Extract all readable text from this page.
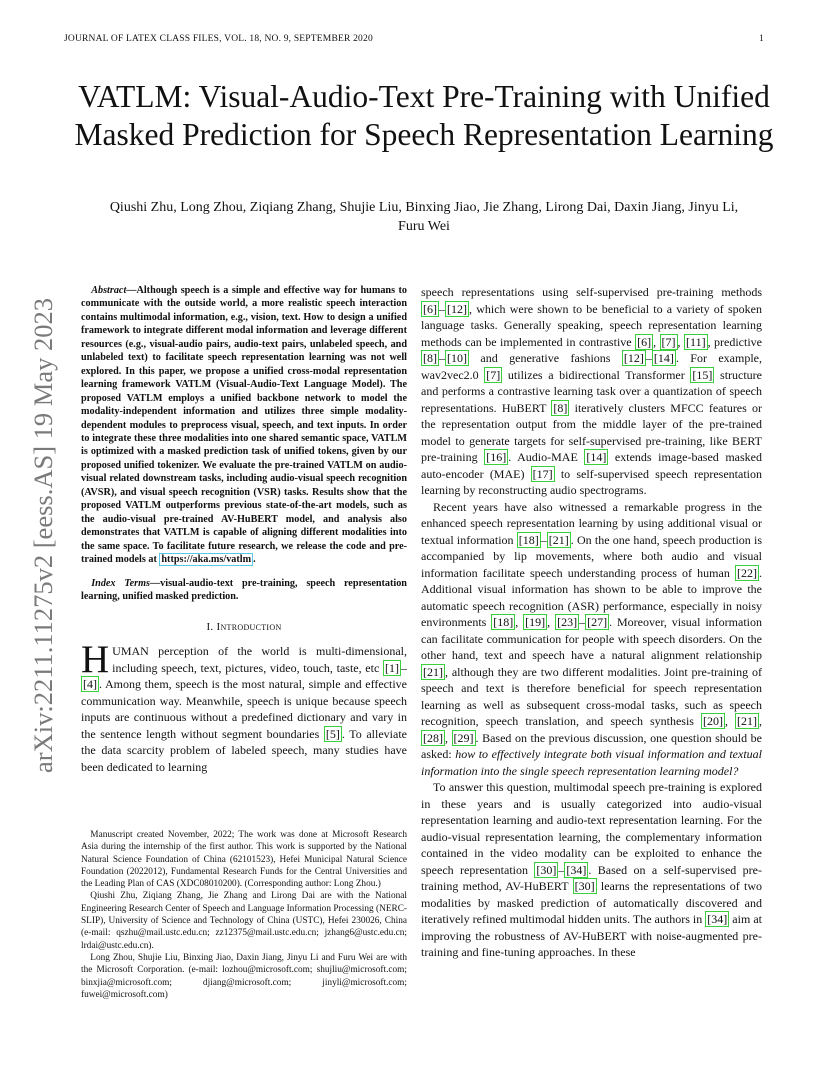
JOURNAL OF LATEX CLASS FILES, VOL. 18, NO. 9, SEPTEMBER 2020	1
arXiv:2211.11275v2 [eess.AS] 19 May 2023
VATLM: Visual-Audio-Text Pre-Training with Unified Masked Prediction for Speech Representation Learning
Qiushi Zhu, Long Zhou, Ziqiang Zhang, Shujie Liu, Binxing Jiao, Jie Zhang, Lirong Dai, Daxin Jiang, Jinyu Li, Furu Wei

Abstract—Although speech is a simple and effective way for humans to communicate with the outside world, a more realistic speech interaction contains multimodal information, e.g., vision, text. How to design a unified framework to integrate different modal information and leverage different resources (e.g., visual-audio pairs, audio-text pairs, unlabeled speech, and unlabeled text) to facilitate speech representation learning was not well explored. In this paper, we propose a unified cross-modal representation learning framework VATLM (Visual-Audio-Text Language Model). The proposed VATLM employs a unified backbone network to model the modality-independent information and utilizes three simple modality-dependent modules to preprocess visual, speech, and text inputs. In order to integrate these three modalities into one shared semantic space, VATLM is optimized with a masked prediction task of unified tokens, given by our proposed unified tokenizer. We evaluate the pre-trained VATLM on audio-visual related downstream tasks, including audio-visual speech recognition (AVSR), and visual speech recognition (VSR) tasks. Results show that the proposed VATLM outperforms previous state-of-the-art models, such as the audio-visual pre-trained AV-HuBERT model, and analysis also demonstrates that VATLM is capable of aligning different modalities into the same space. To facilitate future research, we release the code and pre-trained models at https://aka.ms/vatlm .

Index Terms—visual-audio-text pre-training, speech representation learning, unified masked prediction.

I. Introduction

HUMAN perception of the world is multi-dimensional, including speech, text, pictures, video, touch, taste, etc [1] –[4] . Among them, speech is the most natural, simple and effective communication way. Meanwhile, speech is unique because speech inputs are continuous without a predefined dictionary and vary in the sentence length without segment boundaries [5] . To alleviate the data scarcity problem of labeled speech, many studies have been dedicated to learning

Manuscript created November, 2022; The work was done at Microsoft Research Asia during the internship of the first author. This work is supported by the National Natural Science Foundation of China (62101523), Hefei Municipal Natural Science Foundation (2022012), Fundamental Research Funds for the Central Universities and the Leading Plan of CAS (XDC08010200). (Corresponding author: Long Zhou.)

Qiushi Zhu, Ziqiang Zhang, Jie Zhang and Lirong Dai are with the National Engineering Research Center of Speech and Language Information Processing (NERC-SLIP), University of Science and Technology of China (USTC), Hefei 230026, China (e-mail: qszhu@mail.ustc.edu.cn; zz12375@mail.ustc.edu.cn; jzhang6@ustc.edu.cn; lrdai@ustc.edu.cn).

Long Zhou, Shujie Liu, Binxing Jiao, Daxin Jiang, Jinyu Li and Furu Wei are with the Microsoft Corporation. (e-mail: lozhou@microsoft.com; shujliu@microsoft.com; binxjia@microsoft.com; djiang@microsoft.com; jinyli@microsoft.com; fuwei@microsoft.com)

speech representations using self-supervised pre-training methods [6] – [12] , which were shown to be beneficial to a variety of spoken language tasks. Generally speaking, speech representation learning methods can be implemented in contrastive [6] , [7] , [11] , predictive [8] – [10] and generative fashions [12] – [14] . For example, wav2vec2.0 [7] utilizes a bidirectional Transformer [15] structure and performs a contrastive learning task over a quantization of speech representations. HuBERT [8] iteratively clusters MFCC features or the representation output from the middle layer of the pre-trained model to generate targets for self-supervised pre-training, like BERT pre-training [16] . Audio-MAE [14] extends image-based masked auto-encoder (MAE) [17] to self-supervised speech representation learning by reconstructing audio spectrograms.

Recent years have also witnessed a remarkable progress in the enhanced speech representation learning by using additional visual or textual information [18] – [21] . On the one hand, speech production is accompanied by lip movements, where both audio and visual information facilitate speech understanding process of human [22] . Additional visual information has shown to be able to improve the automatic speech recognition (ASR) performance, especially in noisy environments [18] , [19] , [23] – [27] . Moreover, visual information can facilitate communication for people with speech disorders. On the other hand, text and speech have a natural alignment relationship [21] , although they are two different modalities. Joint pre-training of speech and text is therefore beneficial for speech representation learning as well as subsequent cross-modal tasks, such as speech recognition, speech translation, and speech synthesis [20] , [21] , [28] , [29] . Based on the previous discussion, one question should be asked: how to effectively integrate both visual information and textual information into the single speech representation learning model?

To answer this question, multimodal speech pre-training is explored in these years and is usually categorized into audio-visual representation learning and audio-text representation learning. For the audio-visual representation learning, the complementary information contained in the video modality can be exploited to enhance the speech representation [30] – [34] . Based on a self-supervised pre-training method, AV-HuBERT [30] learns the representations of two modalities by masked prediction of automatically discovered and iteratively refined multimodal hidden units. The authors in [34] aim at improving the robustness of AV-HuBERT with noise-augmented pre-training and fine-tuning approaches. In these
